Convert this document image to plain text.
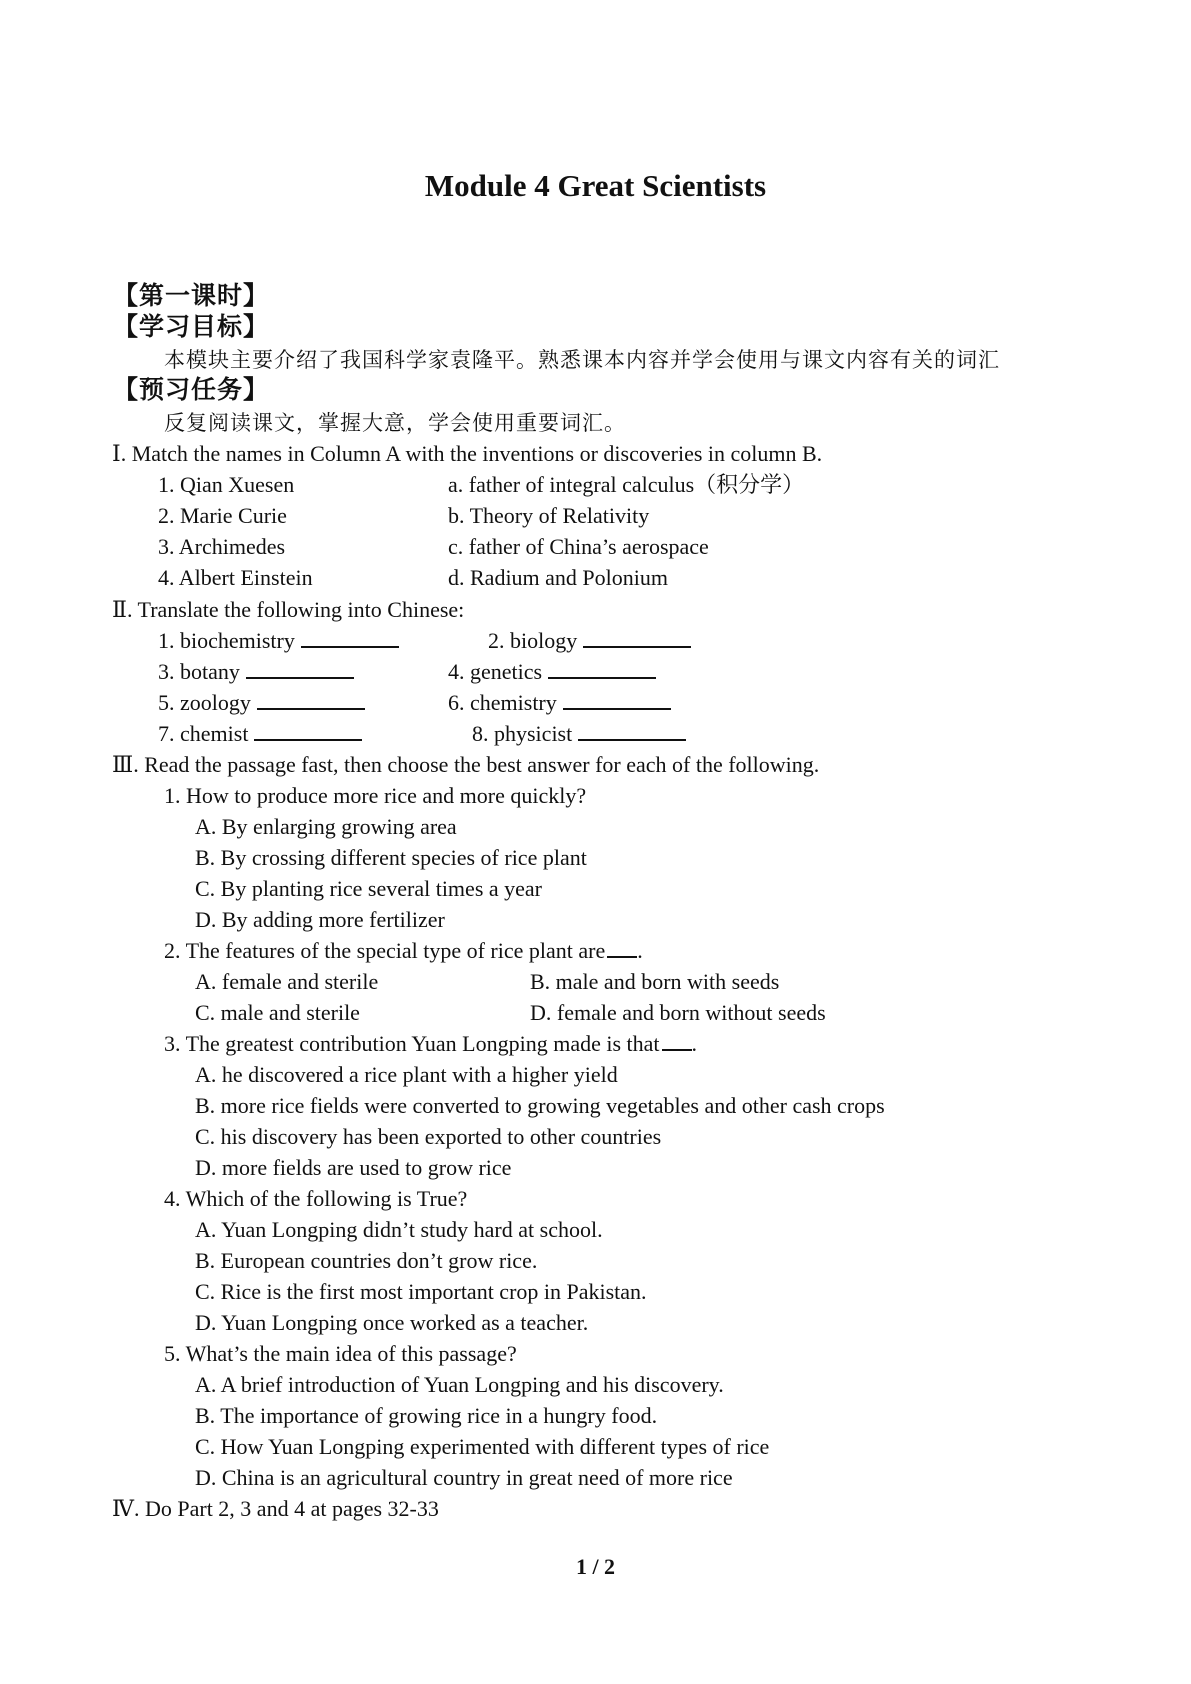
Module 4 Great Scientists
【第一课时】
【学习目标】
本模块主要介绍了我国科学家袁隆平。熟悉课本内容并学会使用与课文内容有关的词汇
【预习任务】
反复阅读课文，掌握大意，学会使用重要词汇。
Ⅰ. Match the names in Column A with the inventions or discoveries in column B.
1. Qian Xuesen	a. father of integral calculus（积分学）
2. Marie Curie	b. Theory of Relativity
3. Archimedes	c. father of China’s aerospace
4. Albert Einstein	d. Radium and Polonium
Ⅱ. Translate the following into Chinese:
1. biochemistry	2. biology
3. botany	4. genetics
5. zoology	6. chemistry
7. chemist	8. physicist
Ⅲ. Read the passage fast, then choose the best answer for each of the following.
1. How to produce more rice and more quickly?
A. By enlarging growing area
B. By crossing different species of rice plant
C. By planting rice several times a year
D. By adding more fertilizer
2. The features of the special type of rice plant are .
A. female and sterile	B. male and born with seeds
C. male and sterile	D. female and born without seeds
3. The greatest contribution Yuan Longping made is that .
A. he discovered a rice plant with a higher yield
B. more rice fields were converted to growing vegetables and other cash crops
C. his discovery has been exported to other countries
D. more fields are used to grow rice
4. Which of the following is True?
A. Yuan Longping didn’t study hard at school.
B. European countries don’t grow rice.
C. Rice is the first most important crop in Pakistan.
D. Yuan Longping once worked as a teacher.
5. What’s the main idea of this passage?
A. A brief introduction of Yuan Longping and his discovery.
B. The importance of growing rice in a hungry food.
C. How Yuan Longping experimented with different types of rice
D. China is an agricultural country in great need of more rice
Ⅳ. Do Part 2, 3 and 4 at pages 32-33
1 / 2
